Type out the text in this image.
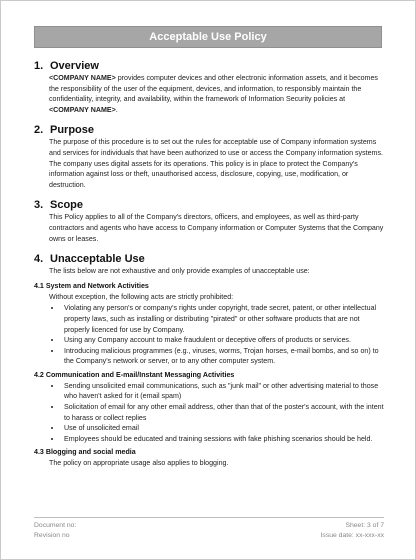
Acceptable Use Policy
1. Overview

<COMPANY NAME> provides computer devices and other electronic information assets, and it becomes the responsibility of the user of the equipment, devices, and information, to responsibly maintain the confidentiality, integrity, and availability, within the framework of Information Security policies at <COMPANY NAME>.

2. Purpose

The purpose of this procedure is to set out the rules for acceptable use of Company information systems and services for individuals that have been authorized to use or access the Company information systems. The company uses digital assets for its operations. This policy is in place to protect the Company's information against loss or theft, unauthorised access, disclosure, copying, use, modification, or destruction.

3. Scope

This Policy applies to all of the Company's directors, officers, and employees, as well as third-party contractors and agents who have access to Company information or Computer Systems that the Company owns or leases.

4. Unacceptable Use

The lists below are not exhaustive and only provide examples of unacceptable use:

4.1 System and Network Activities

Without exception, the following acts are strictly prohibited:

• Violating any person's or company's rights under copyright, trade secret, patent, or other intellectual property laws, such as installing or distributing "pirated" or other software products that are not properly licenced for use by Company.
• Using any Company account to make fraudulent or deceptive offers of products or services.
• Introducing malicious programmes (e.g., viruses, worms, Trojan horses, e-mail bombs, and so on) to the Company's network or server, or to any other computer system.
4.2 Communication and E-mail/Instant Messaging Activities
• Sending unsolicited email communications, such as "junk mail" or other advertising material to those who haven't asked for it (email spam)
• Solicitation of email for any other email address, other than that of the poster's account, with the intent to harass or collect replies
• Use of unsolicited email
• Employees should be educated and training sessions with fake phishing scenarios should be held.
4.3 Blogging and social media

The policy on appropriate usage also applies to blogging.

Document no:	Sheet: 3 of 7
Revision no	Issue date: xx-xxx-xx
